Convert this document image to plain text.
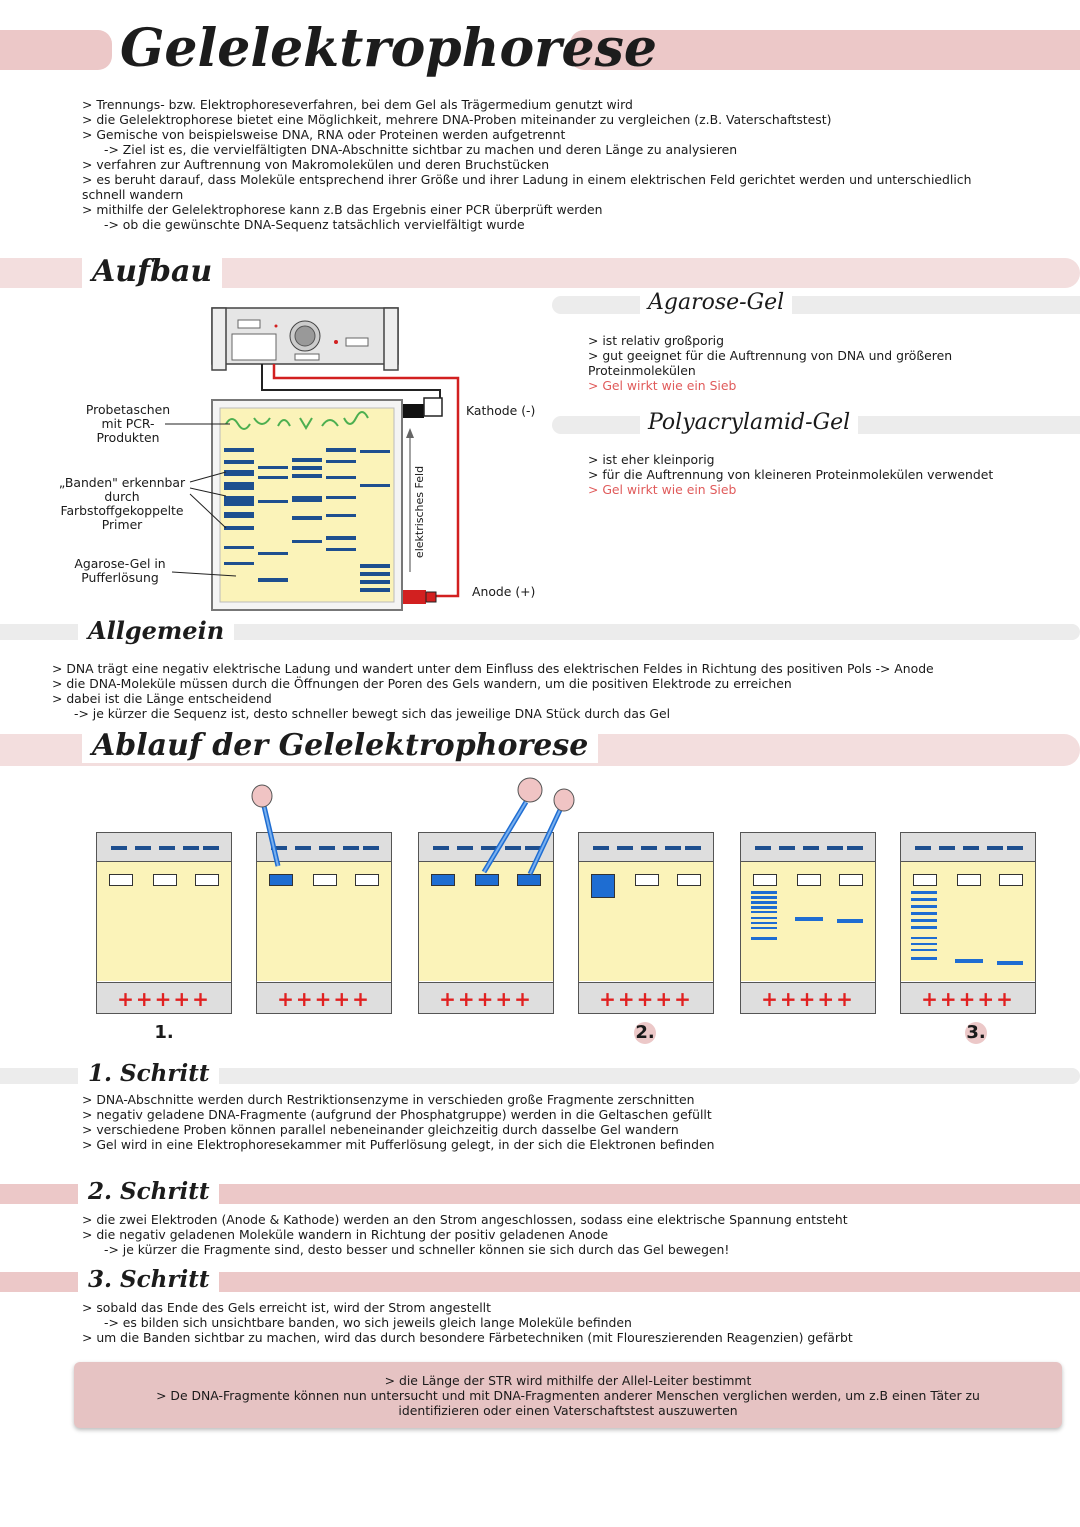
Gelelektrophorese
> Trennungs- bzw. Elektrophoreseverfahren, bei dem Gel als Trägermedium genutzt wird
> die Gelelektrophorese bietet eine Möglichkeit, mehrere DNA-Proben miteinander zu vergleichen (z.B. Vaterschaftstest)
> Gemische von beispielsweise DNA, RNA oder Proteinen werden aufgetrennt
-> Ziel ist es, die vervielfältigten DNA-Abschnitte sichtbar zu machen und deren Länge zu analysieren
> verfahren zur Auftrennung von Makromolekülen und deren Bruchstücken
> es beruht darauf, dass Moleküle entsprechend ihrer Größe und ihrer Ladung in einem elektrischen Feld gerichtet werden und unterschiedlich
schnell wandern
> mithilfe der Gelelektrophorese kann z.B das Ergebnis einer PCR überprüft werden
-> ob die gewünschte DNA-Sequenz tatsächlich vervielfältigt wurde
Aufbau
Probetaschen
mit PCR-
Produkten
„Banden" erkennbar
durch
Farbstoffgekoppelte
Primer
Agarose-Gel in
Pufferlösung
Kathode (-)
Anode (+)
elektrisches Feld
Agarose-Gel
> ist relativ großporig
> gut geeignet für die Auftrennung von DNA und größeren
Proteinmolekülen
> Gel wirkt wie ein Sieb
Polyacrylamid-Gel
> ist eher kleinporig
> für die Auftrennung von kleineren Proteinmolekülen verwendet
> Gel wirkt wie ein Sieb
Allgemein
> DNA trägt eine negativ elektrische Ladung und wandert unter dem Einfluss des elektrischen Feldes in Richtung des positiven Pols -> Anode
> die DNA-Moleküle müssen durch die Öffnungen der Poren des Gels wandern, um die positiven Elektrode zu erreichen
> dabei ist die Länge entscheidend
-> je kürzer die Sequenz ist, desto schneller bewegt sich das jeweilige DNA Stück durch das Gel
Ablauf der Gelelektrophorese
+++++	+++++	+++++	+++++	+++++	+++++
1.	2.	3.
1. Schritt
> DNA-Abschnitte werden durch Restriktionsenzyme in verschieden große Fragmente zerschnitten
> negativ geladene DNA-Fragmente (aufgrund der Phosphatgruppe) werden in die Geltaschen gefüllt
> verschiedene Proben können parallel nebeneinander gleichzeitig durch dasselbe Gel wandern
> Gel wird in eine Elektrophoresekammer mit Pufferlösung gelegt, in der sich die Elektronen befinden
2. Schritt
> die zwei Elektroden (Anode & Kathode) werden an den Strom angeschlossen, sodass eine elektrische Spannung entsteht
> die negativ geladenen Moleküle wandern in Richtung der positiv geladenen Anode
-> je kürzer die Fragmente sind, desto besser und schneller können sie sich durch das Gel bewegen!
3. Schritt
> sobald das Ende des Gels erreicht ist, wird der Strom angestellt
-> es bilden sich unsichtbare banden, wo sich jeweils gleich lange Moleküle befinden
> um die Banden sichtbar zu machen, wird das durch besondere Färbetechniken (mit Floureszierenden Reagenzien) gefärbt
> die Länge der STR wird mithilfe der Allel-Leiter bestimmt
> De DNA-Fragmente können nun untersucht und mit DNA-Fragmenten anderer Menschen verglichen werden, um z.B einen Täter zu
identifizieren oder einen Vaterschaftstest auszuwerten
